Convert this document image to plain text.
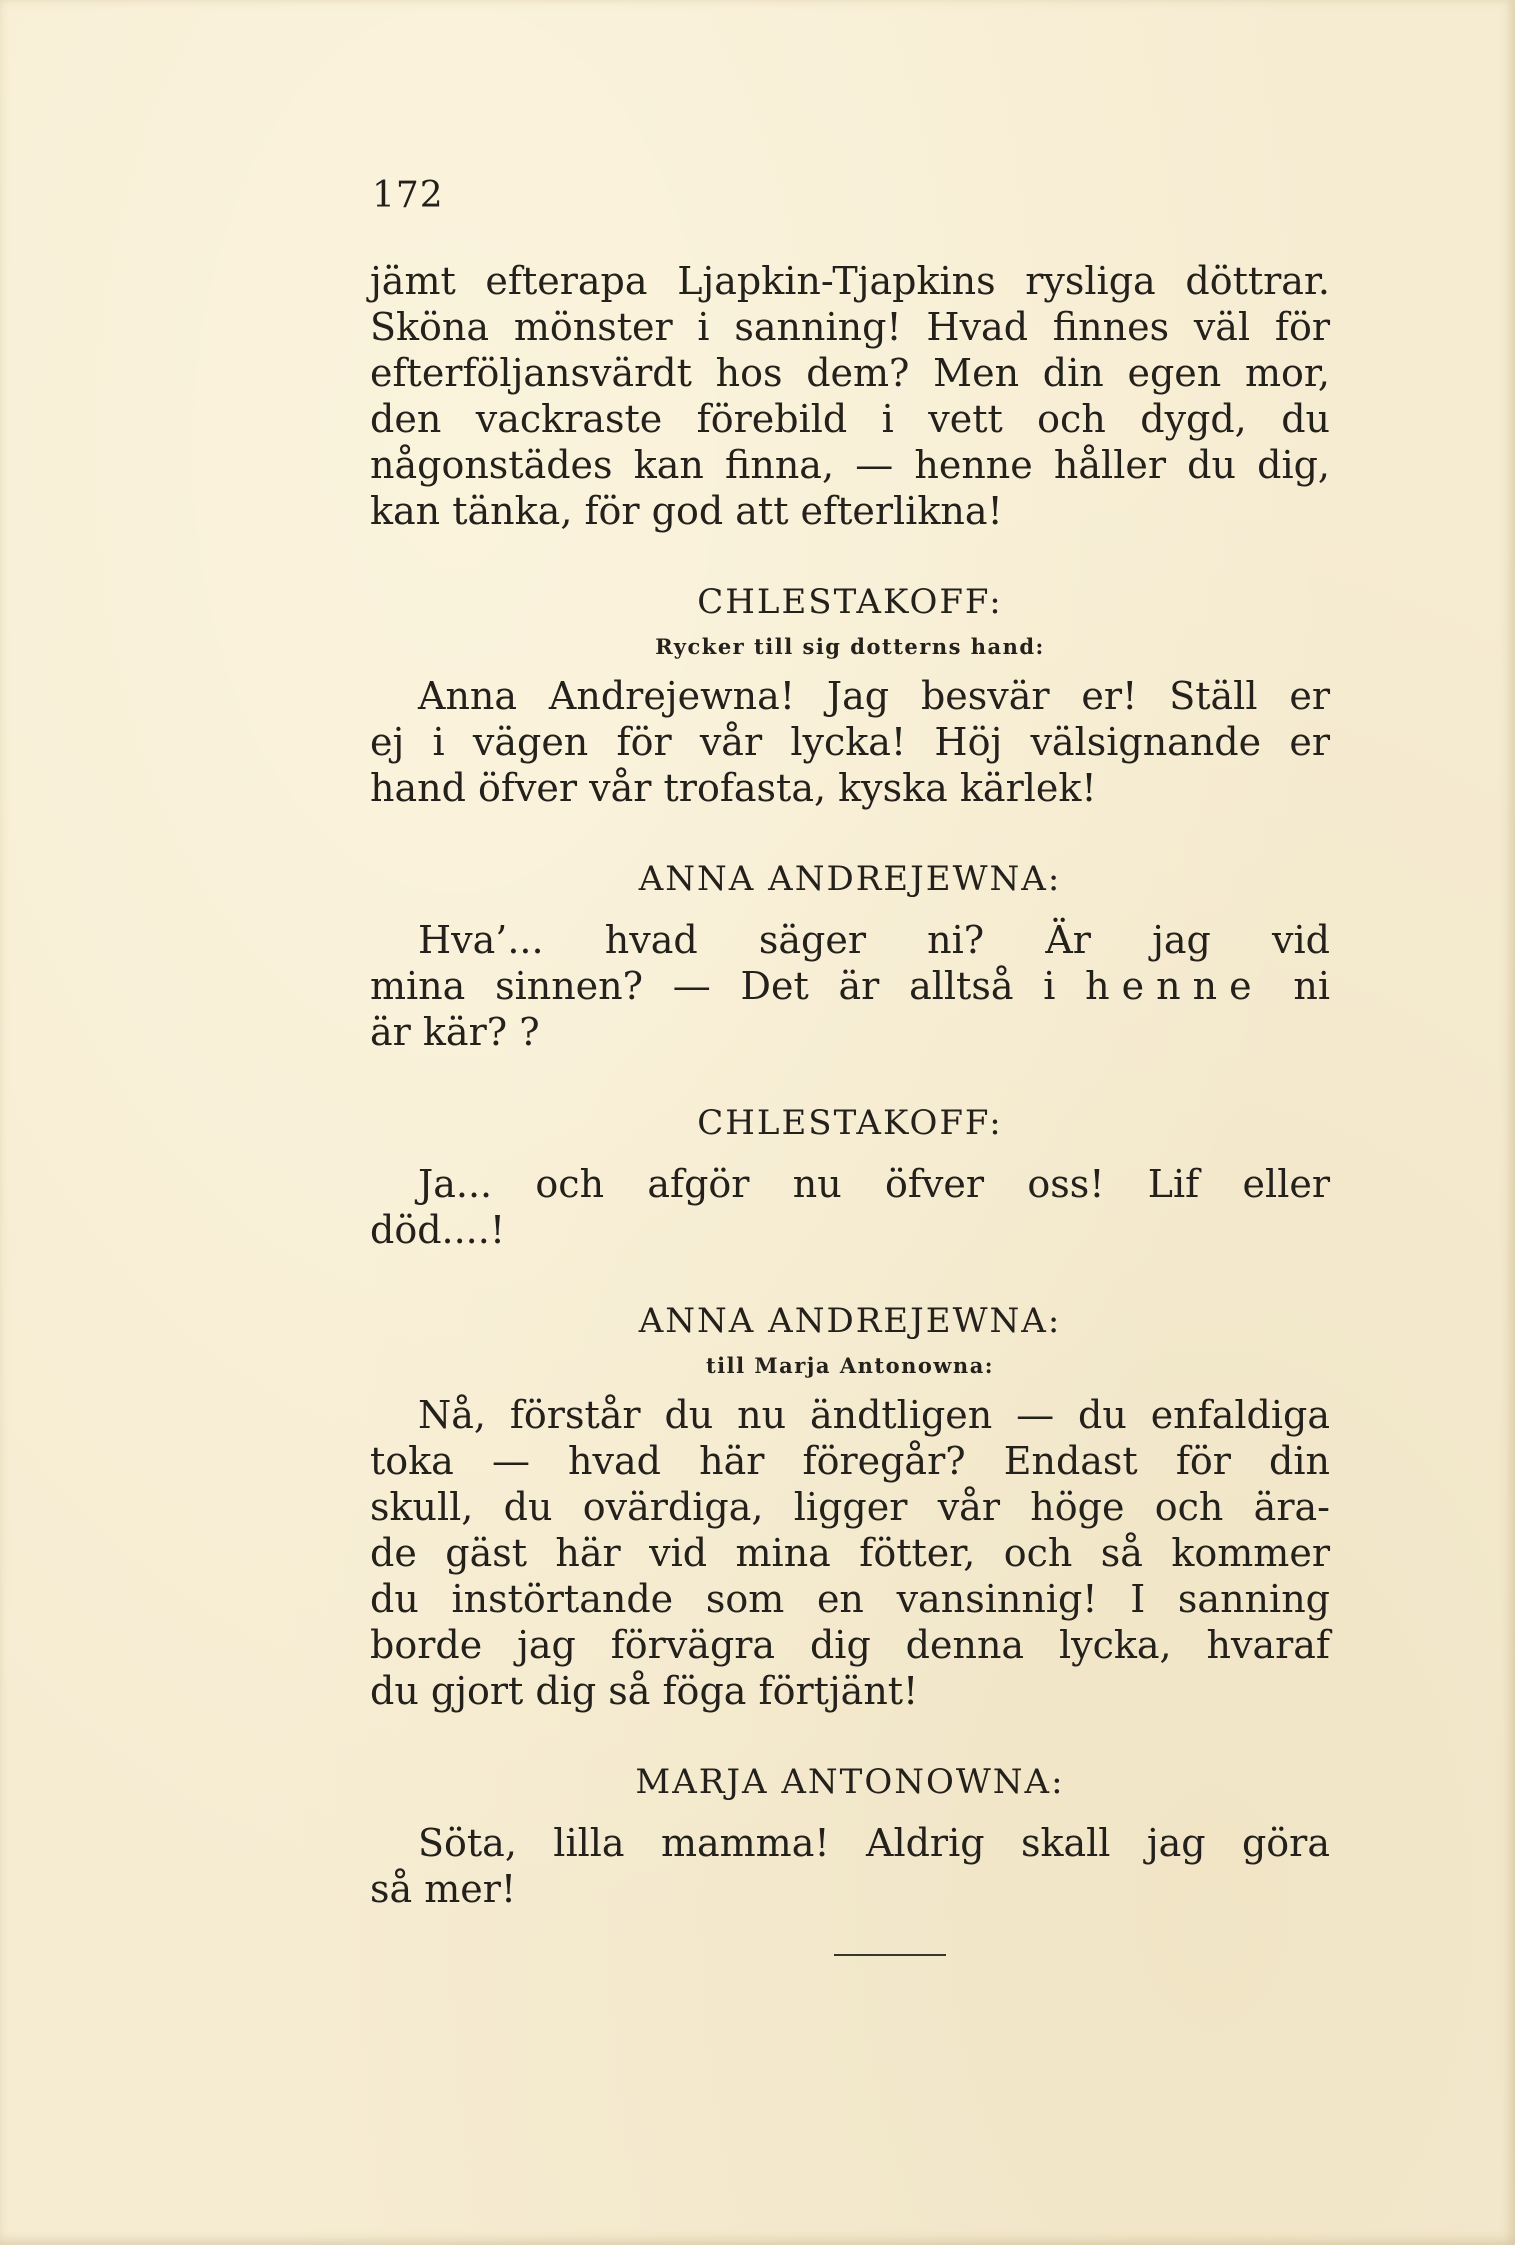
172
jämt efterapa Ljapkin-Tjapkins rysliga döttrar.
Sköna mönster i sanning! Hvad finnes väl för
efterföljansvärdt hos dem? Men din egen mor,
den vackraste förebild i vett och dygd, du
någonstädes kan finna, — henne håller du dig,
kan tänka, för god att efterlikna!
CHLESTAKOFF:
Rycker till sig dotterns hand:
Anna Andrejewna! Jag besvär er! Ställ er
ej i vägen för vår lycka! Höj välsignande er
hand öfver vår trofasta, kyska kärlek!
ANNA ANDREJEWNA:
Hva’... hvad säger ni? Är jag vid
mina sinnen? — Det är alltså i henne ni
är kär? ?
CHLESTAKOFF:
Ja... och afgör nu öfver oss! Lif eller
död....!
ANNA ANDREJEWNA:
till Marja Antonowna:
Nå, förstår du nu ändtligen — du enfaldiga
toka — hvad här föregår? Endast för din
skull, du ovärdiga, ligger vår höge och ära-
de gäst här vid mina fötter, och så kommer
du instörtande som en vansinnig! I sanning
borde jag förvägra dig denna lycka, hvaraf
du gjort dig så föga förtjänt!
MARJA ANTONOWNA:
Söta, lilla mamma! Aldrig skall jag göra
så mer!
